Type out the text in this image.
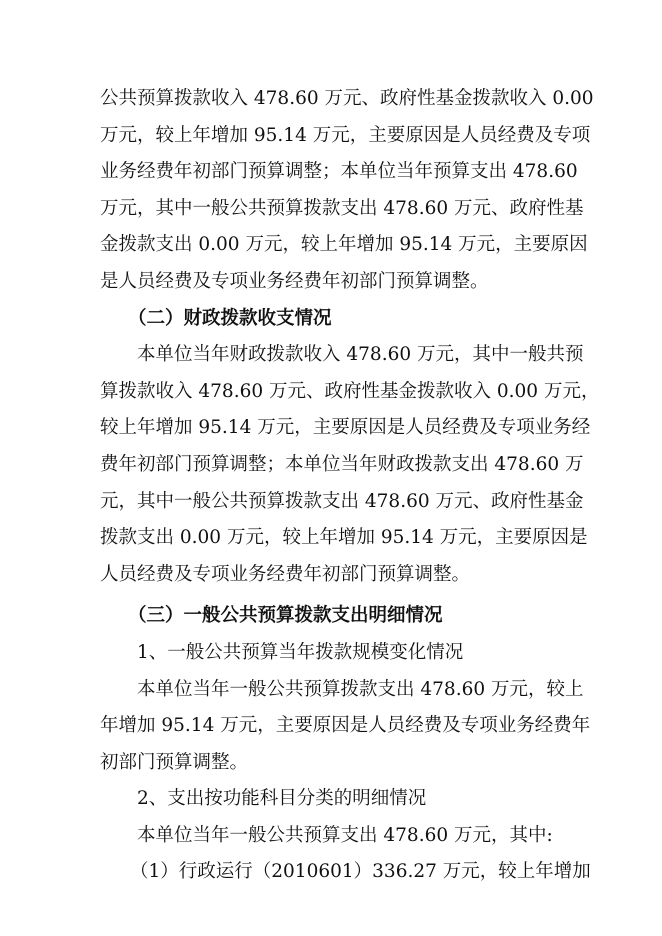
公共预算拨款收入 478.60 万元、政府性基金拨款收入 0.00
万元，较上年增加 95.14 万元，主要原因是人员经费及专项
业务经费年初部门预算调整；本单位当年预算支出 478.60
万元，其中一般公共预算拨款支出 478.60 万元、政府性基
金拨款支出 0.00 万元，较上年增加 95.14 万元，主要原因
是人员经费及专项业务经费年初部门预算调整。
（二）财政拨款收支情况
本单位当年财政拨款收入 478.60 万元，其中一般共预
算拨款收入 478.60 万元、政府性基金拨款收入 0.00 万元，
较上年增加 95.14 万元，主要原因是人员经费及专项业务经
费年初部门预算调整；本单位当年财政拨款支出 478.60 万
元，其中一般公共预算拨款支出 478.60 万元、政府性基金
拨款支出 0.00 万元，较上年增加 95.14 万元，主要原因是
人员经费及专项业务经费年初部门预算调整。
（三）一般公共预算拨款支出明细情况
1、一般公共预算当年拨款规模变化情况
本单位当年一般公共预算拨款支出 478.60 万元，较上
年增加 95.14 万元，主要原因是人员经费及专项业务经费年
初部门预算调整。
2、支出按功能科目分类的明细情况
本单位当年一般公共预算支出 478.60 万元，其中:
（1）行政运行（2010601）336.27 万元，较上年增加
